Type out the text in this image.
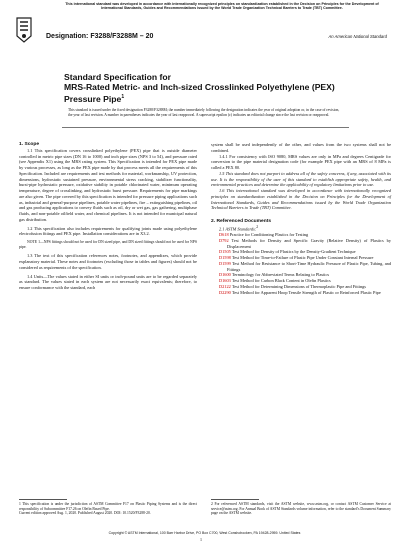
This international standard was developed in accordance with internationally recognized principles on standardization established in the Decision on Principles for the Development of International Standards, Guides and Recommendations issued by the World Trade Organization Technical Barriers to Trade (TBT) Committee.
Designation: F3288/F3288M – 20	An American National Standard
Standard Specification for
MRS-Rated Metric- and Inch-sized Crosslinked Polyethylene (PEX) Pressure Pipe$^1$
This standard is issued under the fixed designation F3288/F3288M; the number immediately following the designation indicates the year of original adoption or, in the case of revision, the year of last revision. A number in parentheses indicates the year of last reapproval. A superscript epsilon (ε) indicates an editorial change since the last revision or reapproval.

1. Scope

1.1 This specification covers crosslinked polyethylene (PEX) pipe that is outside diameter controlled in metric pipe sizes (DN 16 to 1000) and inch pipe sizes (NPS 3 to 54), and pressure rated (see Appendix X1) using the MRS rating system. This Specification is intended for PEX pipe made by various processes, as long as the PEX pipe made by that process meets all the requirements of this Specification. Included are requirements and test methods for material, workmanship, UV protection, dimensions, hydrostatic sustained pressure, environmental stress cracking, stabilizer functionality, burst-pipe hydrostatic pressure, oxidative stability in potable chlorinated water, minimum operating temperature, degree of crosslinking, and hydrostatic burst pressure. Requirements for pipe markings are also given. The pipe covered by this specification is intended for pressure piping applications such as, industrial and general-purpose pipelines, potable water pipelines, fire – extinguishing pipelines, oil and gas producing applications to convey fluids such as oil, dry or wet gas, gas gathering, multiphase fluids, and non-potable oilfield water, and chemical pipelines. It is not intended for municipal natural gas distribution.

1.2 This specification also includes requirements for qualifying joints made using polyethylene electrofusion fittings and PEX pipe. Installation considerations are in X3.2.

NOTE 1—NPS fittings should not be used for DN sized pipe, and DN sized fittings should not be used for NPS pipe.

1.3 The text of this specification references notes, footnotes, and appendixes, which provide explanatory material. These notes and footnotes (excluding those in tables and figures) should not be considered as requirements of the specification.

1.4 Units—The values stated in either SI units or inch-pound units are to be regarded separately as standard. The values stated in each system are not necessarily exact equivalents; therefore, to ensure conformance with the standard, each

system shall be used independently of the other, and values from the two systems shall not be combined.

1.4.1 For consistency with ISO 9080, MRS values are only in MPa and degrees Centigrade for conversion to the pipe material designation code (for example PEX pipe with an MRS of 8 MPa is called a PEX 80.

1.5 This standard does not purport to address all of the safety concerns, if any, associated with its use. It is the responsibility of the user of this standard to establish appropriate safety, health, and environmental practices and determine the applicability of regulatory limitations prior to use.

1.6 This international standard was developed in accordance with internationally recognized principles on standardization established in the Decision on Principles for the Development of International Standards, Guides and Recommendations issued by the World Trade Organization Technical Barriers to Trade (TBT) Committee.

2. Referenced Documents

2.1 ASTM Standards:$^2$
D618 Practice for Conditioning Plastics for Testing
D792 Test Methods for Density and Specific Gravity (Relative Density) of Plastics by Displacement
D1505 Test Method for Density of Plastics by the Density-Gradient Technique
D1598 Test Method for Time-to-Failure of Plastic Pipe Under Constant Internal Pressure
D1599 Test Method for Resistance to Short-Time Hydraulic Pressure of Plastic Pipe, Tubing, and Fittings
D1600 Terminology for Abbreviated Terms Relating to Plastics
D1603 Test Method for Carbon Black Content in Olefin Plastics
D2122 Test Method for Determining Dimensions of Thermoplastic Pipe and Fittings
D2290 Test Method for Apparent Hoop Tensile Strength of Plastic or Reinforced Plastic Pipe
1 This specification is under the jurisdiction of ASTM Committee F17 on Plastic Piping Systems and is the direct responsibility of Subcommittee F17.26 on Olefin Based Pipe.
Current edition approved Aug. 1, 2020. Published August 2020. DOI: 10.1520/F3288-20.
2 For referenced ASTM standards, visit the ASTM website, www.astm.org, or contact ASTM Customer Service at service@astm.org. For Annual Book of ASTM Standards volume information, refer to the standard's Document Summary page on the ASTM website.
Copyright © ASTM International, 100 Barr Harbor Drive, PO Box C700, West Conshohocken, PA 19428-2959. United States
1
